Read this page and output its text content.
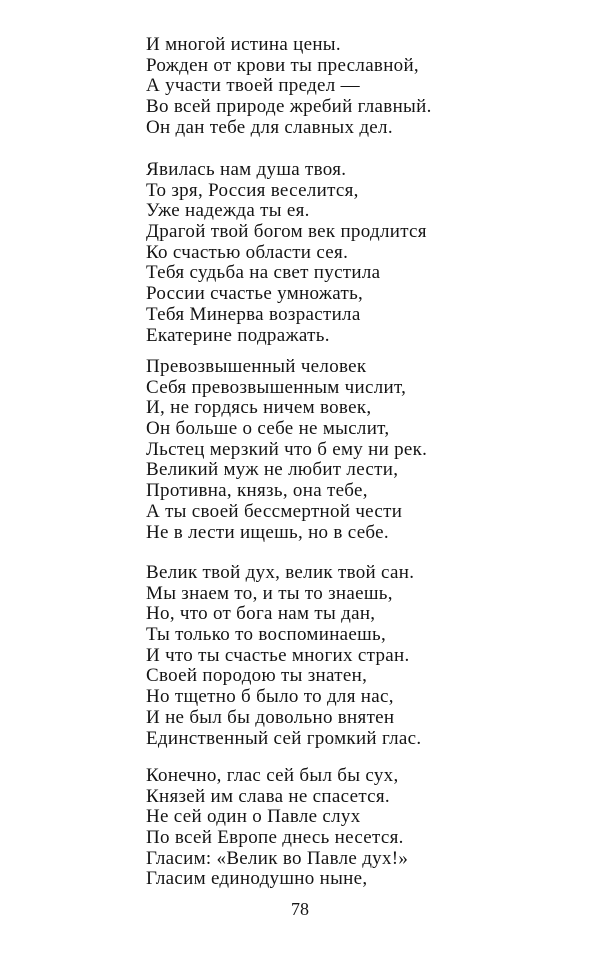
И многой истина цены.
Рожден от крови ты преславной,
А участи твоей предел —
Во всей природе жребий главный.
Он дан тебе для славных дел.
Явилась нам душа твоя.
То зря, Россия веселится,
Уже надежда ты ея.
Драгой твой богом век продлится
Ко счастью области сея.
Тебя судьба на свет пустила
России счастье умножать,
Тебя Минерва возрастила
Екатерине подражать.
Превозвышенный человек
Себя превозвышенным числит,
И, не гордясь ничем вовек,
Он больше о себе не мыслит,
Льстец мерзкий что б ему ни рек.
Великий муж не любит лести,
Противна, князь, она тебе,
А ты своей бессмертной чести
Не в лести ищешь, но в себе.
Велик твой дух, велик твой сан.
Мы знаем то, и ты то знаешь,
Но, что от бога нам ты дан,
Ты только то воспоминаешь,
И что ты счастье многих стран.
Своей породою ты знатен,
Но тщетно б было то для нас,
И не был бы довольно внятен
Единственный сей громкий глас.
Конечно, глас сей был бы сух,
Князей им слава не спасется.
Не сей один о Павле слух
По всей Европе днесь несется.
Гласим: «Велик во Павле дух!»
Гласим единодушно ныне,
78
